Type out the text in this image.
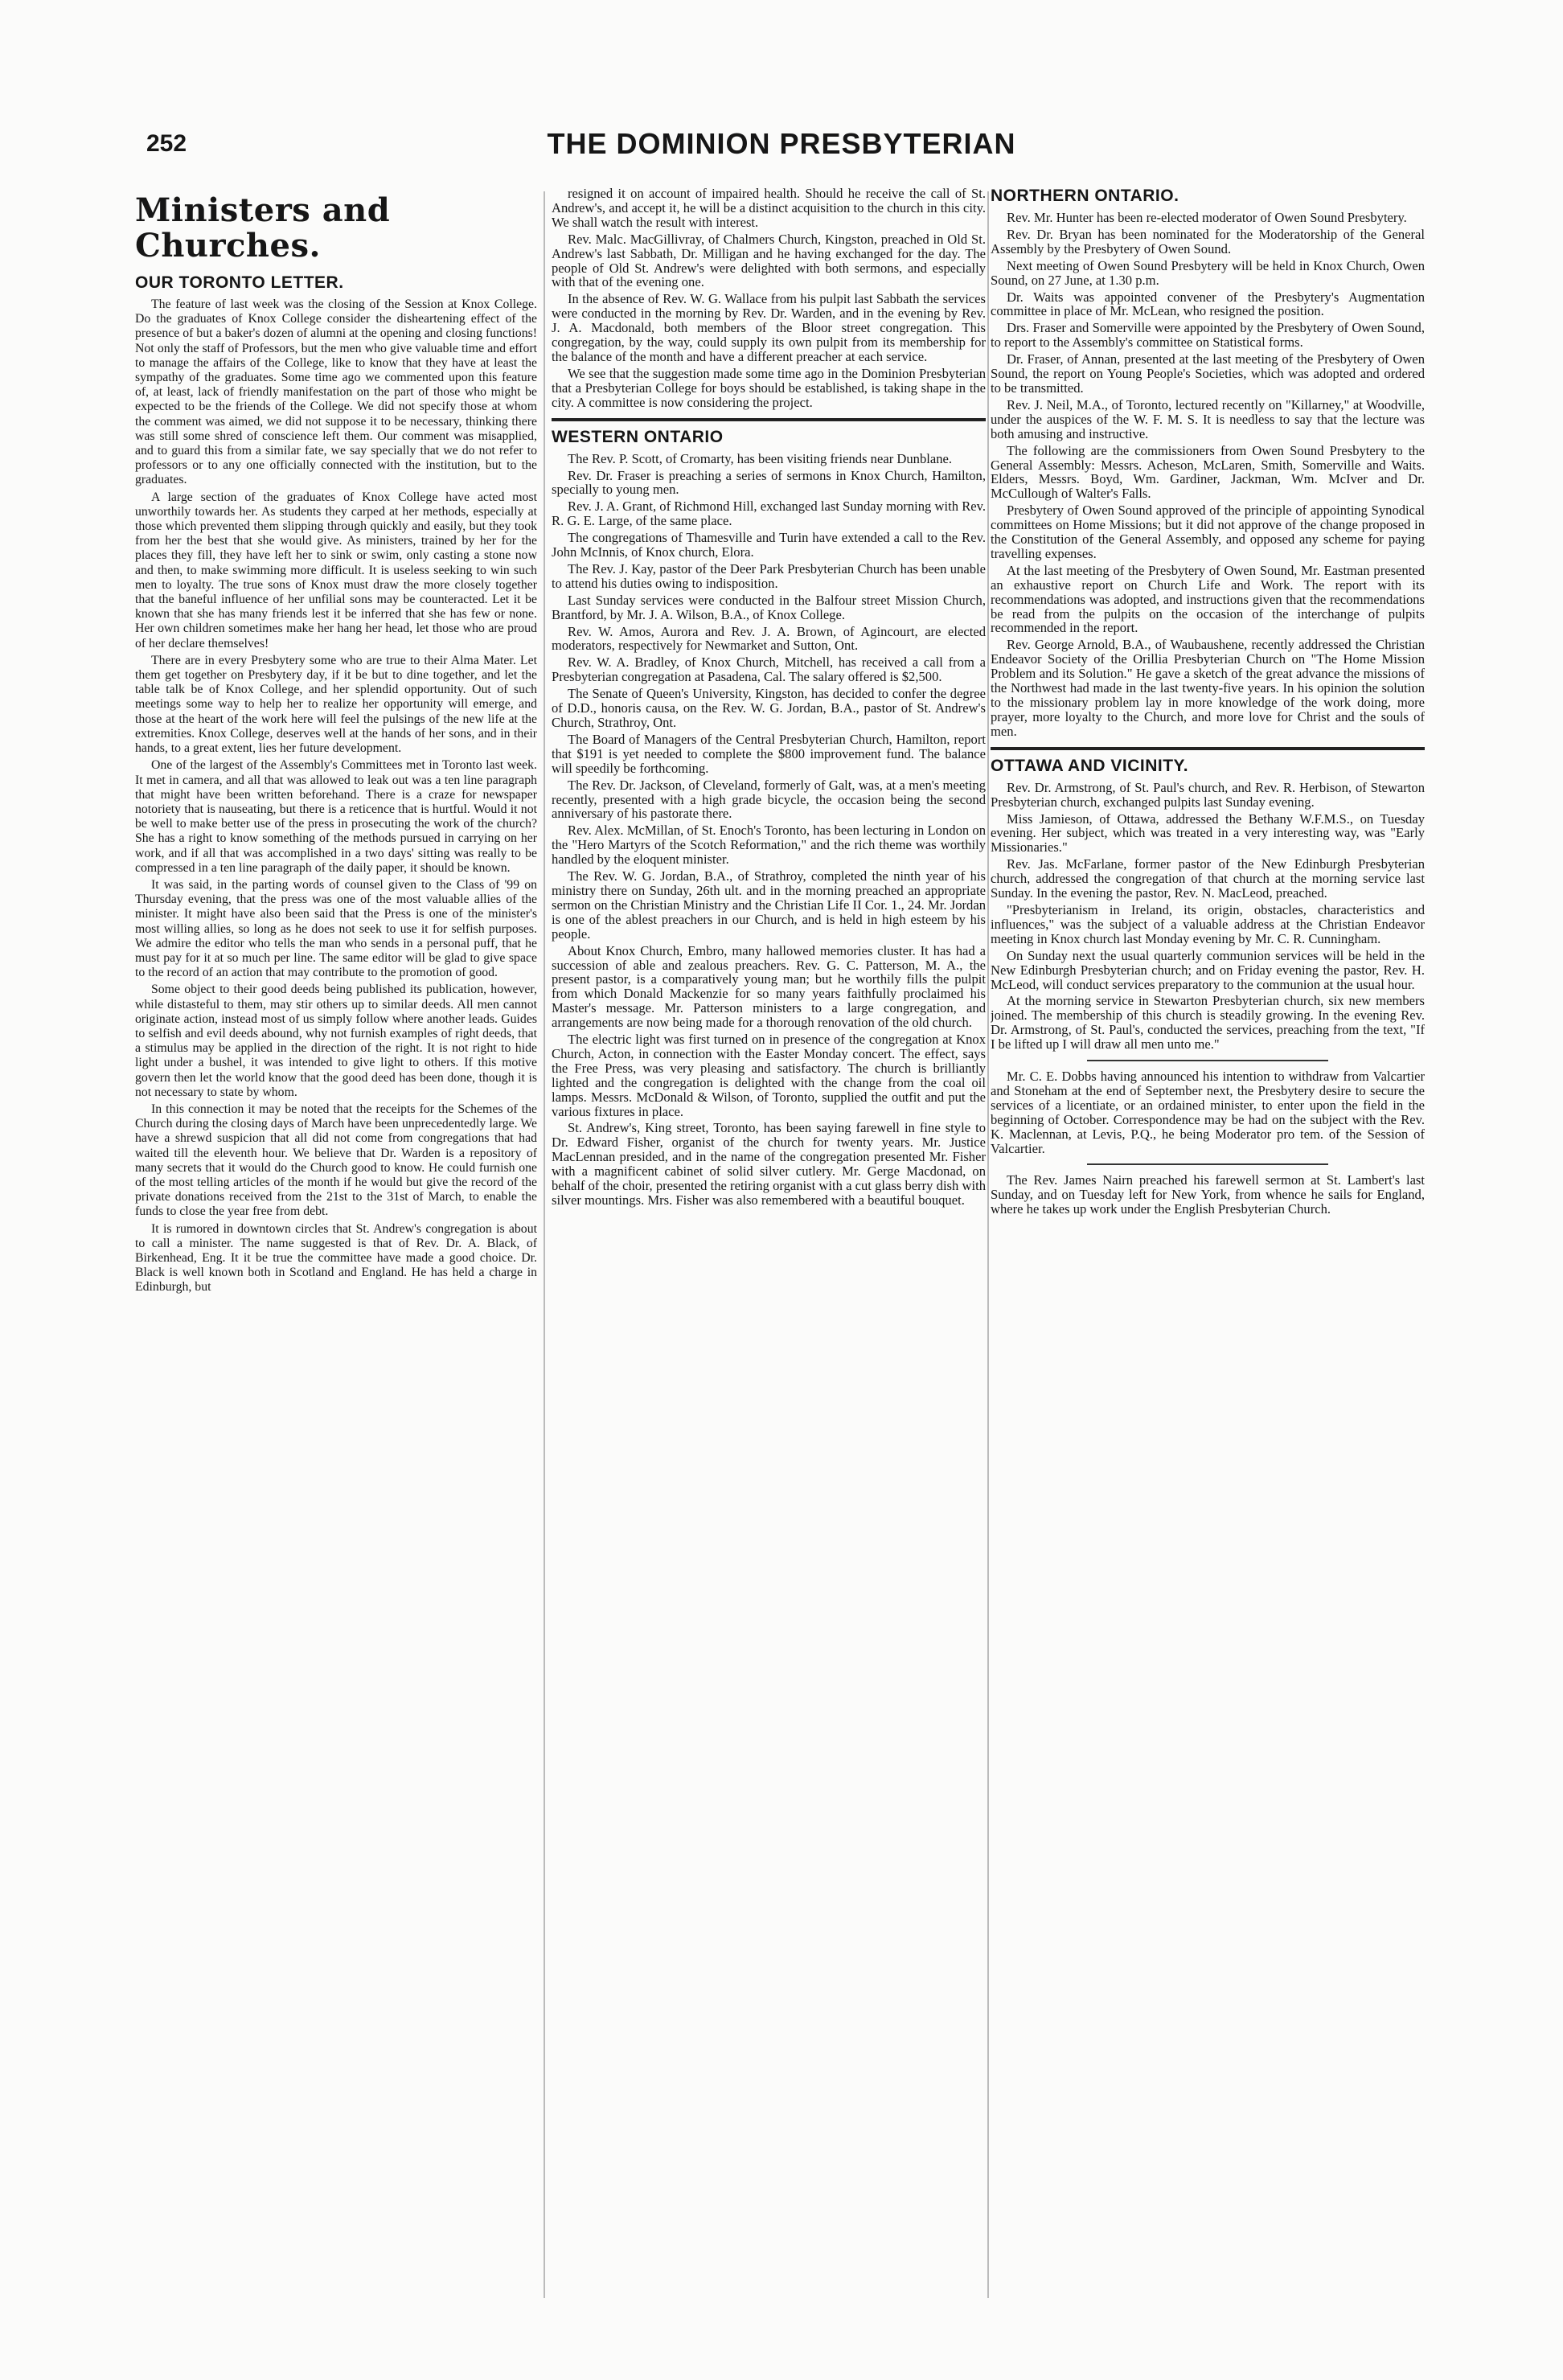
252	THE DOMINION PRESBYTERIAN
Ministers and Churches.
OUR TORONTO LETTER.

The feature of last week was the closing of the Session at Knox College. Do the graduates of Knox College consider the disheartening effect of the presence of but a baker's dozen of alumni at the opening and closing functions! Not only the staff of Professors, but the men who give valuable time and effort to manage the affairs of the College, like to know that they have at least the sympathy of the graduates. Some time ago we commented upon this feature of, at least, lack of friendly manifestation on the part of those who might be expected to be the friends of the College. We did not specify those at whom the comment was aimed, we did not suppose it to be necessary, thinking there was still some shred of conscience left them. Our comment was misapplied, and to guard this from a similar fate, we say specially that we do not refer to professors or to any one officially connected with the institution, but to the graduates.

A large section of the graduates of Knox College have acted most unworthily towards her. As students they carped at her methods, especially at those which prevented them slipping through quickly and easily, but they took from her the best that she would give. As ministers, trained by her for the places they fill, they have left her to sink or swim, only casting a stone now and then, to make swimming more difficult. It is useless seeking to win such men to loyalty. The true sons of Knox must draw the more closely together that the baneful influence of her unfilial sons may be counteracted. Let it be known that she has many friends lest it be inferred that she has few or none. Her own children sometimes make her hang her head, let those who are proud of her declare themselves!

There are in every Presbytery some who are true to their Alma Mater. Let them get together on Presbytery day, if it be but to dine together, and let the table talk be of Knox College, and her splendid opportunity. Out of such meetings some way to help her to realize her opportunity will emerge, and those at the heart of the work here will feel the pulsings of the new life at the extremities. Knox College, deserves well at the hands of her sons, and in their hands, to a great extent, lies her future development.

One of the largest of the Assembly's Committees met in Toronto last week. It met in camera, and all that was allowed to leak out was a ten line paragraph that might have been written beforehand. There is a craze for newspaper notoriety that is nauseating, but there is a reticence that is hurtful. Would it not be well to make better use of the press in prosecuting the work of the church? She has a right to know something of the methods pursued in carrying on her work, and if all that was accomplished in a two days' sitting was really to be compressed in a ten line paragraph of the daily paper, it should be known.

It was said, in the parting words of counsel given to the Class of '99 on Thursday evening, that the press was one of the most valuable allies of the minister. It might have also been said that the Press is one of the minister's most willing allies, so long as he does not seek to use it for selfish purposes. We admire the editor who tells the man who sends in a personal puff, that he must pay for it at so much per line. The same editor will be glad to give space to the record of an action that may contribute to the promotion of good.

Some object to their good deeds being published its publication, however, while distasteful to them, may stir others up to similar deeds. All men cannot originate action, instead most of us simply follow where another leads. Guides to selfish and evil deeds abound, why not furnish examples of right deeds, that a stimulus may be applied in the direction of the right. It is not right to hide light under a bushel, it was intended to give light to others. If this motive govern then let the world know that the good deed has been done, though it is not necessary to state by whom.

In this connection it may be noted that the receipts for the Schemes of the Church during the closing days of March have been unprecedentedly large. We have a shrewd suspicion that all did not come from congregations that had waited till the eleventh hour. We believe that Dr. Warden is a repository of many secrets that it would do the Church good to know. He could furnish one of the most telling articles of the month if he would but give the record of the private donations received from the 21st to the 31st of March, to enable the funds to close the year free from debt.

It is rumored in downtown circles that St. Andrew's congregation is about to call a minister. The name suggested is that of Rev. Dr. A. Black, of Birkenhead, Eng. It it be true the committee have made a good choice. Dr. Black is well known both in Scotland and England. He has held a charge in Edinburgh, but

resigned it on account of impaired health. Should he receive the call of St. Andrew's, and accept it, he will be a distinct acquisition to the church in this city. We shall watch the result with interest.

Rev. Malc. MacGillivray, of Chalmers Church, Kingston, preached in Old St. Andrew's last Sabbath, Dr. Milligan and he having exchanged for the day. The people of Old St. Andrew's were delighted with both sermons, and especially with that of the evening one.

In the absence of Rev. W. G. Wallace from his pulpit last Sabbath the services were conducted in the morning by Rev. Dr. Warden, and in the evening by Rev. J. A. Macdonald, both members of the Bloor street congregation. This congregation, by the way, could supply its own pulpit from its membership for the balance of the month and have a different preacher at each service.

We see that the suggestion made some time ago in the Dominion Presbyterian that a Presbyterian College for boys should be established, is taking shape in the city. A committee is now considering the project.

WESTERN ONTARIO

The Rev. P. Scott, of Cromarty, has been visiting friends near Dunblane.

Rev. Dr. Fraser is preaching a series of sermons in Knox Church, Hamilton, specially to young men.

Rev. J. A. Grant, of Richmond Hill, exchanged last Sunday morning with Rev. R. G. E. Large, of the same place.

The congregations of Thamesville and Turin have extended a call to the Rev. John McInnis, of Knox church, Elora.

The Rev. J. Kay, pastor of the Deer Park Presbyterian Church has been unable to attend his duties owing to indisposition.

Last Sunday services were conducted in the Balfour street Mission Church, Brantford, by Mr. J. A. Wilson, B.A., of Knox College.

Rev. W. Amos, Aurora and Rev. J. A. Brown, of Agincourt, are elected moderators, respectively for Newmarket and Sutton, Ont.

Rev. W. A. Bradley, of Knox Church, Mitchell, has received a call from a Presbyterian congregation at Pasadena, Cal. The salary offered is $2,500.

The Senate of Queen's University, Kingston, has decided to confer the degree of D.D., honoris causa, on the Rev. W. G. Jordan, B.A., pastor of St. Andrew's Church, Strathroy, Ont.

The Board of Managers of the Central Presbyterian Church, Hamilton, report that $191 is yet needed to complete the $800 improvement fund. The balance will speedily be forthcoming.

The Rev. Dr. Jackson, of Cleveland, formerly of Galt, was, at a men's meeting recently, presented with a high grade bicycle, the occasion being the second anniversary of his pastorate there.

Rev. Alex. McMillan, of St. Enoch's Toronto, has been lecturing in London on the "Hero Martyrs of the Scotch Reformation," and the rich theme was worthily handled by the eloquent minister.

The Rev. W. G. Jordan, B.A., of Strathroy, completed the ninth year of his ministry there on Sunday, 26th ult. and in the morning preached an appropriate sermon on the Christian Ministry and the Christian Life II Cor. 1., 24. Mr. Jordan is one of the ablest preachers in our Church, and is held in high esteem by his people.

About Knox Church, Embro, many hallowed memories cluster. It has had a succession of able and zealous preachers. Rev. G. C. Patterson, M. A., the present pastor, is a comparatively young man; but he worthily fills the pulpit from which Donald Mackenzie for so many years faithfully proclaimed his Master's message. Mr. Patterson ministers to a large congregation, and arrangements are now being made for a thorough renovation of the old church.

The electric light was first turned on in presence of the congregation at Knox Church, Acton, in connection with the Easter Monday concert. The effect, says the Free Press, was very pleasing and satisfactory. The church is brilliantly lighted and the congregation is delighted with the change from the coal oil lamps. Messrs. McDonald & Wilson, of Toronto, supplied the outfit and put the various fixtures in place.

St. Andrew's, King street, Toronto, has been saying farewell in fine style to Dr. Edward Fisher, organist of the church for twenty years. Mr. Justice MacLennan presided, and in the name of the congregation presented Mr. Fisher with a magnificent cabinet of solid silver cutlery. Mr. Gerge Macdonad, on behalf of the choir, presented the retiring organist with a cut glass berry dish with silver mountings. Mrs. Fisher was also remembered with a beautiful bouquet.

NORTHERN ONTARIO.

Rev. Mr. Hunter has been re-elected moderator of Owen Sound Presbytery.

Rev. Dr. Bryan has been nominated for the Moderatorship of the General Assembly by the Presbytery of Owen Sound.

Next meeting of Owen Sound Presbytery will be held in Knox Church, Owen Sound, on 27 June, at 1.30 p.m.

Dr. Waits was appointed convener of the Presbytery's Augmentation committee in place of Mr. McLean, who resigned the position.

Drs. Fraser and Somerville were appointed by the Presbytery of Owen Sound, to report to the Assembly's committee on Statistical forms.

Dr. Fraser, of Annan, presented at the last meeting of the Presbytery of Owen Sound, the report on Young People's Societies, which was adopted and ordered to be transmitted.

Rev. J. Neil, M.A., of Toronto, lectured recently on "Killarney," at Woodville, under the auspices of the W. F. M. S. It is needless to say that the lecture was both amusing and instructive.

The following are the commissioners from Owen Sound Presbytery to the General Assembly: Messrs. Acheson, McLaren, Smith, Somerville and Waits. Elders, Messrs. Boyd, Wm. Gardiner, Jackman, Wm. McIver and Dr. McCullough of Walter's Falls.

Presbytery of Owen Sound approved of the principle of appointing Synodical committees on Home Missions; but it did not approve of the change proposed in the Constitution of the General Assembly, and opposed any scheme for paying travelling expenses.

At the last meeting of the Presbytery of Owen Sound, Mr. Eastman presented an exhaustive report on Church Life and Work. The report with its recommendations was adopted, and instructions given that the recommendations be read from the pulpits on the occasion of the interchange of pulpits recommended in the report.

Rev. George Arnold, B.A., of Waubaushene, recently addressed the Christian Endeavor Society of the Orillia Presbyterian Church on "The Home Mission Problem and its Solution." He gave a sketch of the great advance the missions of the Northwest had made in the last twenty-five years. In his opinion the solution to the missionary problem lay in more knowledge of the work doing, more prayer, more loyalty to the Church, and more love for Christ and the souls of men.

OTTAWA AND VICINITY.

Rev. Dr. Armstrong, of St. Paul's church, and Rev. R. Herbison, of Stewarton Presbyterian church, exchanged pulpits last Sunday evening.

Miss Jamieson, of Ottawa, addressed the Bethany W.F.M.S., on Tuesday evening. Her subject, which was treated in a very interesting way, was "Early Missionaries."

Rev. Jas. McFarlane, former pastor of the New Edinburgh Presbyterian church, addressed the congregation of that church at the morning service last Sunday. In the evening the pastor, Rev. N. MacLeod, preached.

"Presbyterianism in Ireland, its origin, obstacles, characteristics and influences," was the subject of a valuable address at the Christian Endeavor meeting in Knox church last Monday evening by Mr. C. R. Cunningham.

On Sunday next the usual quarterly communion services will be held in the New Edinburgh Presbyterian church; and on Friday evening the pastor, Rev. H. McLeod, will conduct services preparatory to the communion at the usual hour.

At the morning service in Stewarton Presbyterian church, six new members joined. The membership of this church is steadily growing. In the evening Rev. Dr. Armstrong, of St. Paul's, conducted the services, preaching from the text, "If I be lifted up I will draw all men unto me."

Mr. C. E. Dobbs having announced his intention to withdraw from Valcartier and Stoneham at the end of September next, the Presbytery desire to secure the services of a licentiate, or an ordained minister, to enter upon the field in the beginning of October. Correspondence may be had on the subject with the Rev. K. Maclennan, at Levis, P.Q., he being Moderator pro tem. of the Session of Valcartier.

The Rev. James Nairn preached his farewell sermon at St. Lambert's last Sunday, and on Tuesday left for New York, from whence he sails for England, where he takes up work under the English Presbyterian Church.
